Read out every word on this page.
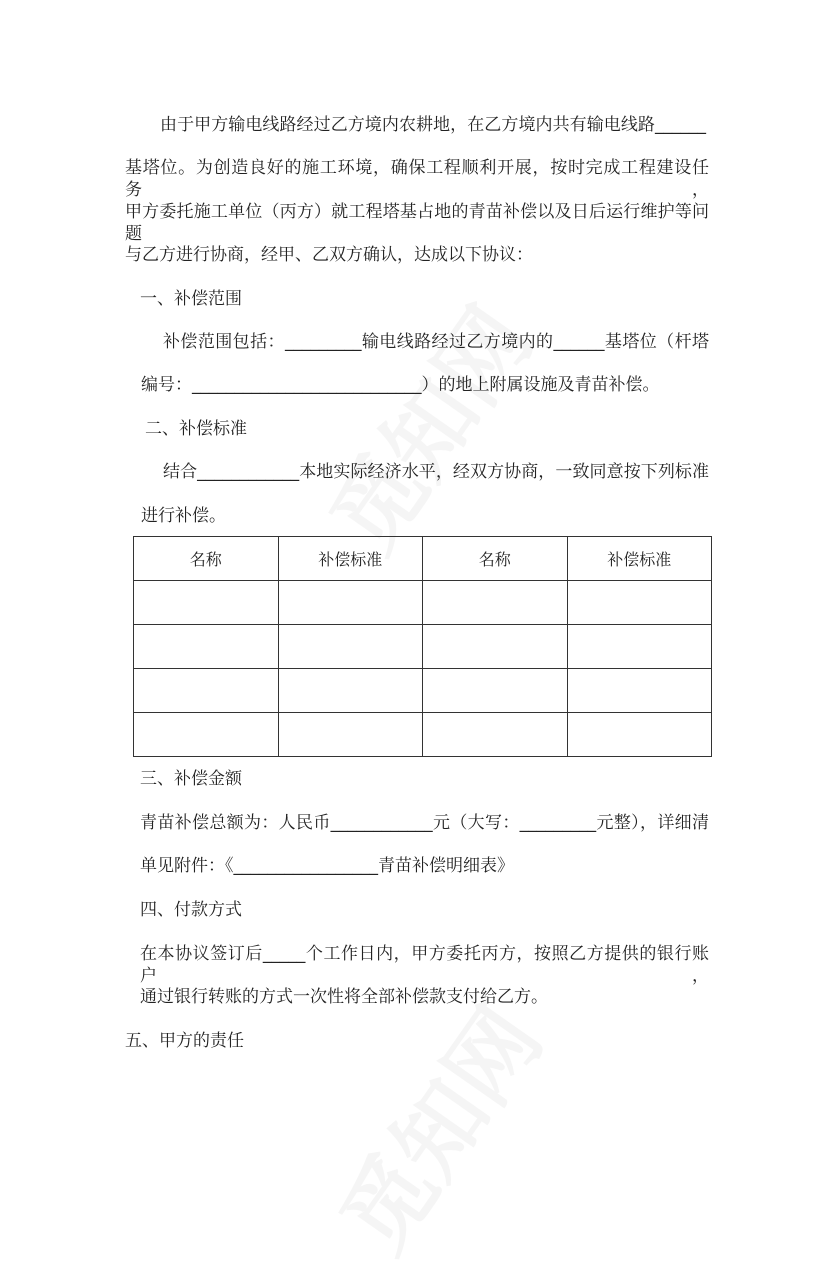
由于甲方输电线路经过乙方境内农耕地，在乙方境内共有输电线路______
基塔位。为创造良好的施工环境，确保工程顺利开展，按时完成工程建设任务，
甲方委托施工单位（丙方）就工程塔基占地的青苗补偿以及日后运行维护等问题
与乙方进行协商，经甲、乙双方确认，达成以下协议：
一、补偿范围
补偿范围包括：_________输电线路经过乙方境内的______基塔位（杆塔
编号：___________________________）的地上附属设施及青苗补偿。
二、补偿标准
结合____________本地实际经济水平，经双方协商，一致同意按下列标准
进行补偿。
名称	补偿标准	名称	补偿标准

三、补偿金额
青苗补偿总额为：人民币____________元（大写：_________元整），详细清
单见附件：《_________________青苗补偿明细表》
四、付款方式
在本协议签订后_____个工作日内，甲方委托丙方，按照乙方提供的银行账户，
通过银行转账的方式一次性将全部补偿款支付给乙方。
五、甲方的责任
